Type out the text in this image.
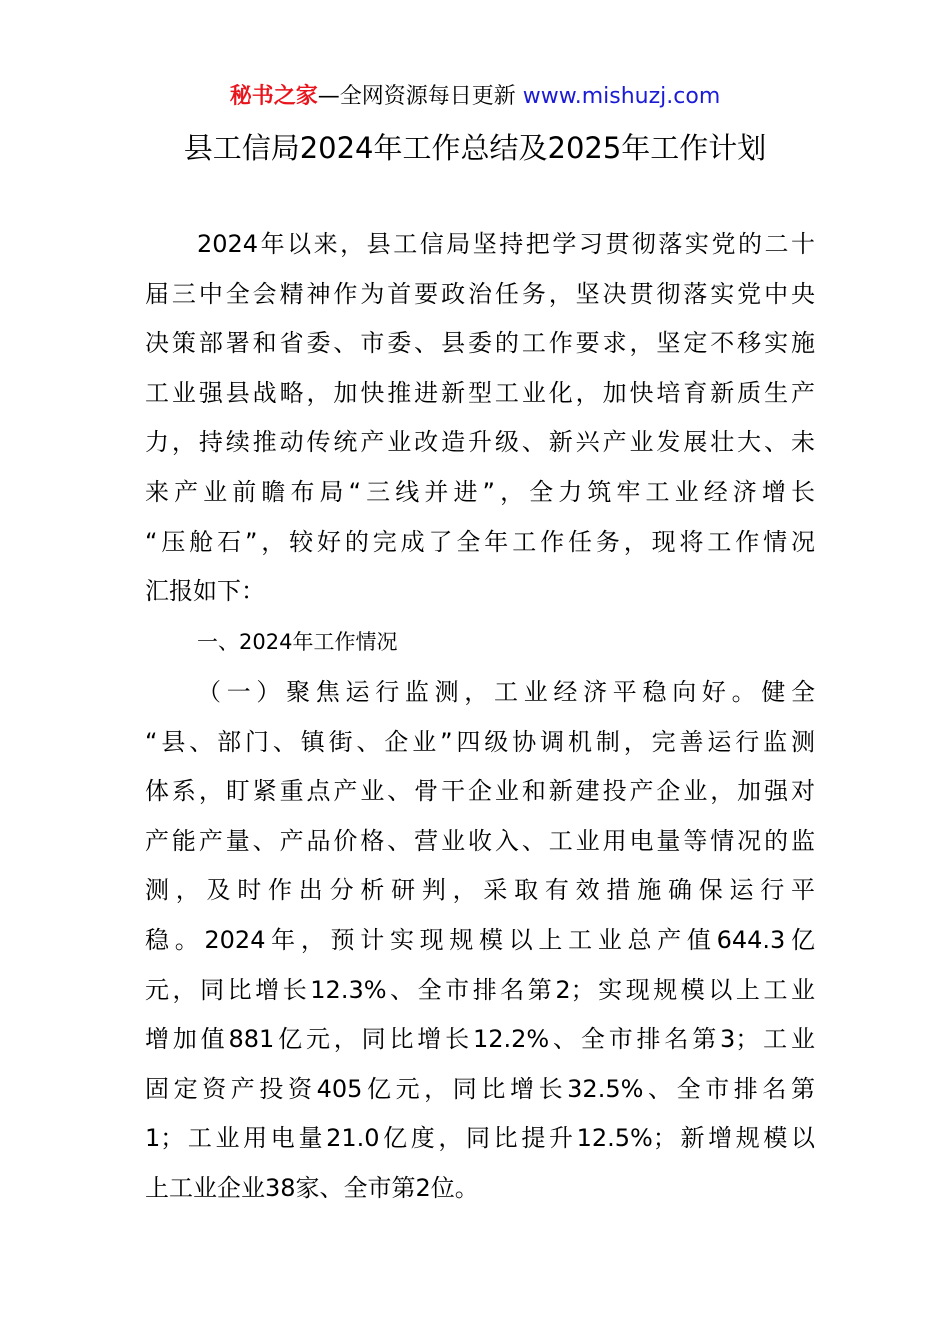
秘书之家—全网资源每日更新 www.mishuzj.com
县工信局2024年工作总结及2025年工作计划
2024年以来，县工信局坚持把学习贯彻落实党的二十
届三中全会精神作为首要政治任务，坚决贯彻落实党中央
决策部署和省委、市委、县委的工作要求，坚定不移实施
工业强县战略，加快推进新型工业化，加快培育新质生产
力，持续推动传统产业改造升级、新兴产业发展壮大、未
来产业前瞻布局“三线并进”，全力筑牢工业经济增长
“压舱石”，较好的完成了全年工作任务，现将工作情况
汇报如下：
一、2024年工作情况
（一）聚焦运行监测，工业经济平稳向好。健全
“县、部门、镇街、企业”四级协调机制，完善运行监测
体系，盯紧重点产业、骨干企业和新建投产企业，加强对
产能产量、产品价格、营业收入、工业用电量等情况的监
测，及时作出分析研判，采取有效措施确保运行平
稳。2024年，预计实现规模以上工业总产值644.3亿
元，同比增长12.3%、全市排名第2；实现规模以上工业
增加值881亿元，同比增长12.2%、全市排名第3；工业
固定资产投资405亿元，同比增长32.5%、全市排名第
1；工业用电量21.0亿度，同比提升12.5%；新增规模以
上工业企业38家、全市第2位。
